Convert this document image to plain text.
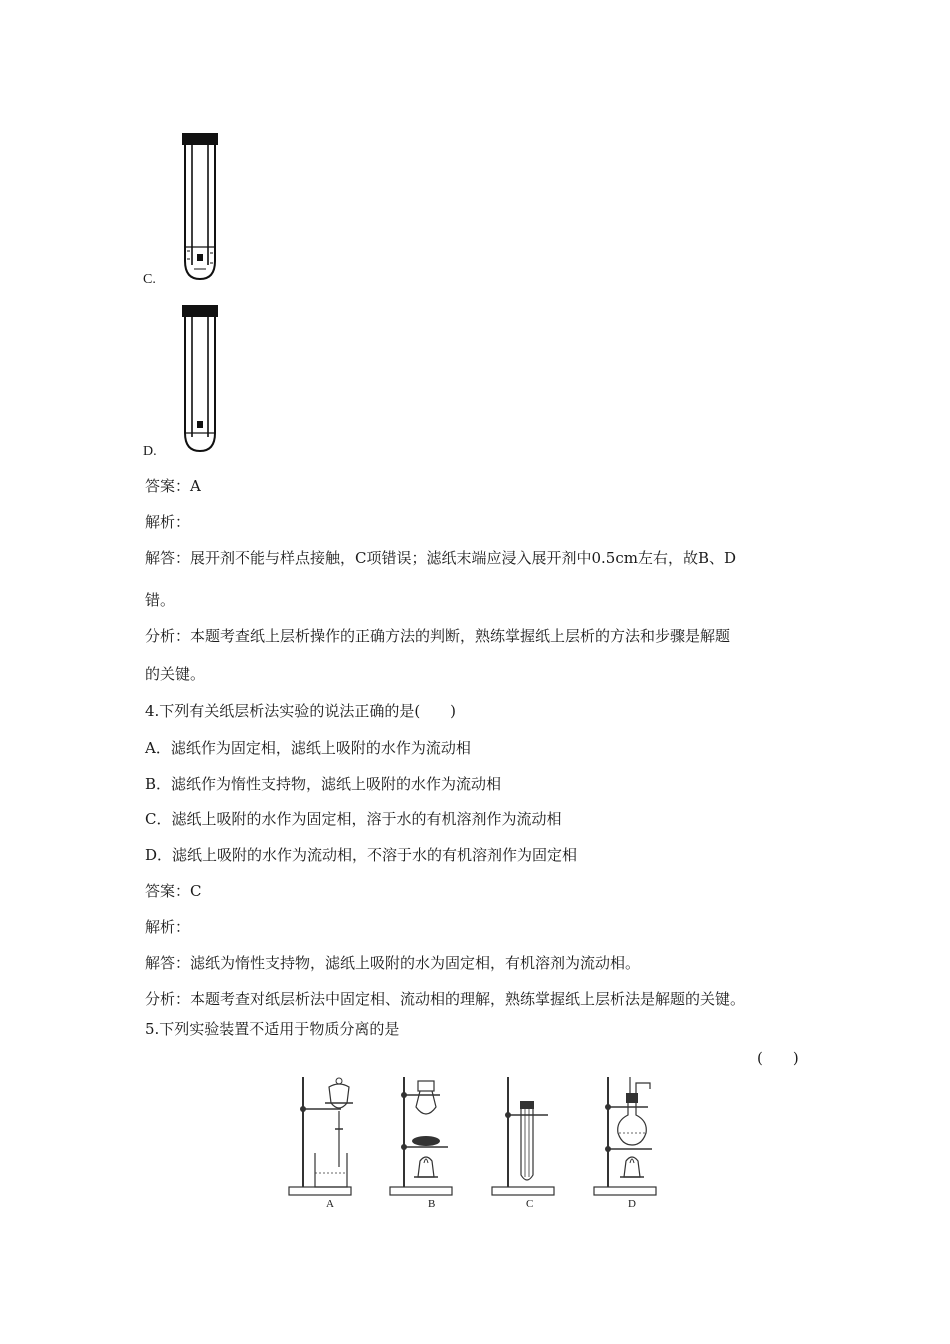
C.
D.
答案：A
解析：
解答：展开剂不能与样点接触，C项错误；滤纸末端应浸入展开剂中0.5cm左右，故B、D
错。
分析：本题考查纸上层析操作的正确方法的判断，熟练掌握纸上层析的方法和步骤是解题
的关键。
4.下列有关纸层析法实验的说法正确的是(　　)
A．滤纸作为固定相，滤纸上吸附的水作为流动相
B．滤纸作为惰性支持物，滤纸上吸附的水作为流动相
C．滤纸上吸附的水作为固定相，溶于水的有机溶剂作为流动相
D．滤纸上吸附的水作为流动相，不溶于水的有机溶剂作为固定相
答案：C
解析：
解答：滤纸为惰性支持物，滤纸上吸附的水为固定相，有机溶剂为流动相。
分析：本题考查对纸层析法中固定相、流动相的理解，熟练掌握纸上层析法是解题的关键。
5.下列实验装置不适用于物质分离的是
(　　)
A	B	C	D
